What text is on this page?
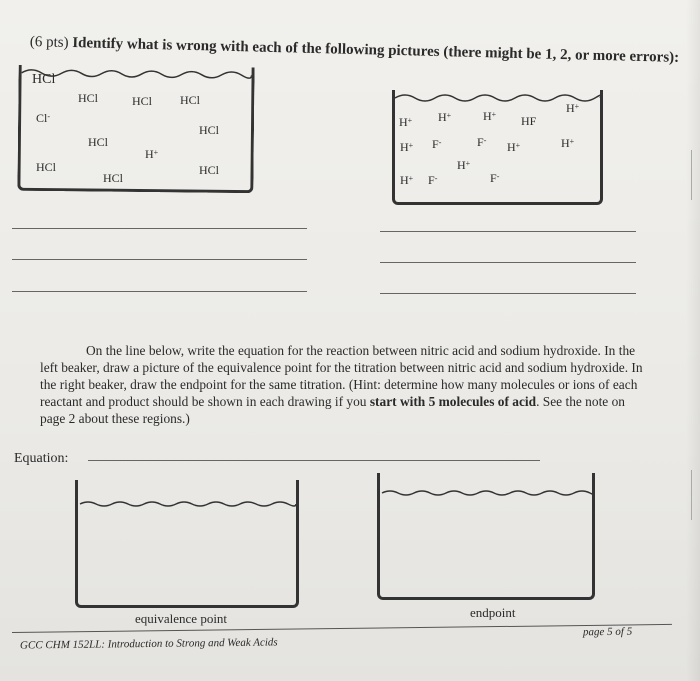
(6 pts) Identify what is wrong with each of the following pictures (there might be 1, 2, or more errors):
HCl
HCl	HCl HCl
Cl-
HCl
HCl
H+
HCl	HCl
HCl
H+ H+	H+ HF
H+
H+ F-	F- H+	H+
H+
H+ F-	F-

On the line below, write the equation for the reaction between nitric acid and sodium hydroxide. In the left beaker, draw a picture of the equivalence point for the titration between nitric acid and sodium hydroxide. In the right beaker, draw the endpoint for the same titration. (Hint: determine how many molecules or ions of each reactant and product should be shown in each drawing if you start with 5 molecules of acid. See the note on page 2 about these regions.)

Equation:
equivalence point	endpoint
GCC CHM 152LL: Introduction to Strong and Weak Acids
page 5 of 5
